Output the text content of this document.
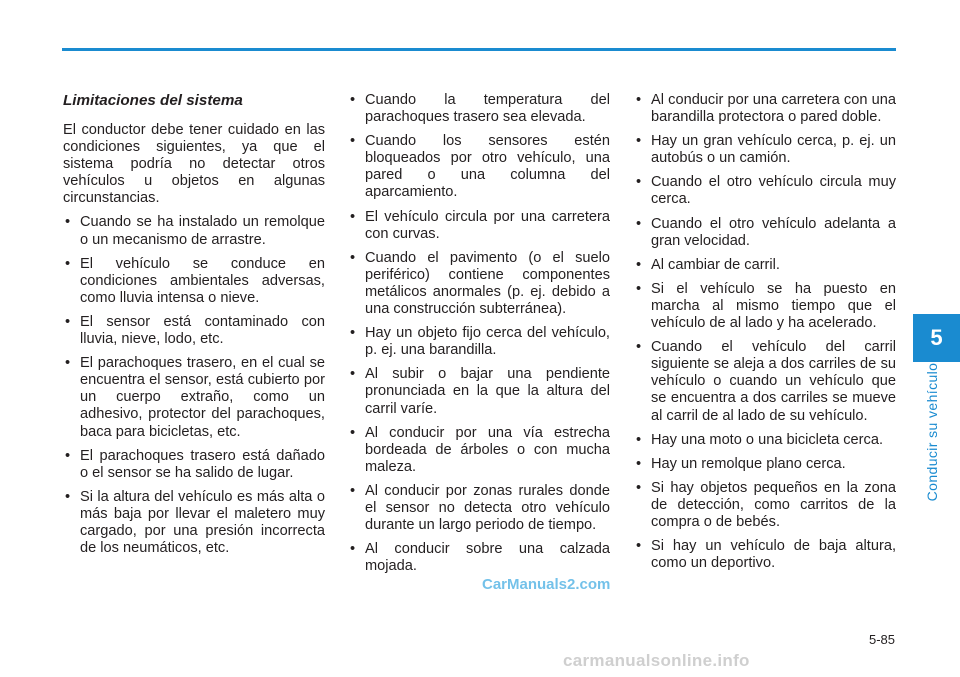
Limitaciones del sistema

El conductor debe tener cuidado en las condiciones siguientes, ya que el sistema podría no detectar otros vehículos u objetos en algunas circunstancias.

• Cuando se ha instalado un remolque o un mecanismo de arrastre.
• El vehículo se conduce en condiciones ambientales adversas, como lluvia intensa o nieve.
• El sensor está contaminado con lluvia, nieve, lodo, etc.
• El parachoques trasero, en el cual se encuentra el sensor, está cubierto por un cuerpo extraño, como un adhesivo, protector del parachoques, baca para bicicletas, etc.
• El parachoques trasero está dañado o el sensor se ha salido de lugar.
• Si la altura del vehículo es más alta o más baja por llevar el maletero muy cargado, por una presión incorrecta de los neumáticos, etc.
• Cuando la temperatura del parachoques trasero sea elevada.
• Cuando los sensores estén bloqueados por otro vehículo, una pared o una columna del aparcamiento.
• El vehículo circula por una carretera con curvas.
• Cuando el pavimento (o el suelo periférico) contiene componentes metálicos anormales (p. ej. debido a una construcción subterránea).
• Hay un objeto fijo cerca del vehículo, p. ej. una barandilla.
• Al subir o bajar una pendiente pronunciada en la que la altura del carril varíe.
• Al conducir por una vía estrecha bordeada de árboles o con mucha maleza.
• Al conducir por zonas rurales donde el sensor no detecta otro vehículo durante un largo periodo de tiempo.
• Al conducir sobre una calzada mojada.
• Al conducir por una carretera con una barandilla protectora o pared doble.
• Hay un gran vehículo cerca, p. ej. un autobús o un camión.
• Cuando el otro vehículo circula muy cerca.
• Cuando el otro vehículo adelanta a gran velocidad.
• Al cambiar de carril.
• Si el vehículo se ha puesto en marcha al mismo tiempo que el vehículo de al lado y ha acelerado.
• Cuando el vehículo del carril siguiente se aleja a dos carriles de su vehículo o cuando un vehículo que se encuentra a dos carriles se mueve al carril de al lado de su vehículo.
• Hay una moto o una bicicleta cerca.
• Hay un remolque plano cerca.
• Si hay objetos pequeños en la zona de detección, como carritos de la compra o de bebés.
• Si hay un vehículo de baja altura, como un deportivo.
5
Conducir su vehículo
5-85
CarManuals2.com
carmanualsonline.info
